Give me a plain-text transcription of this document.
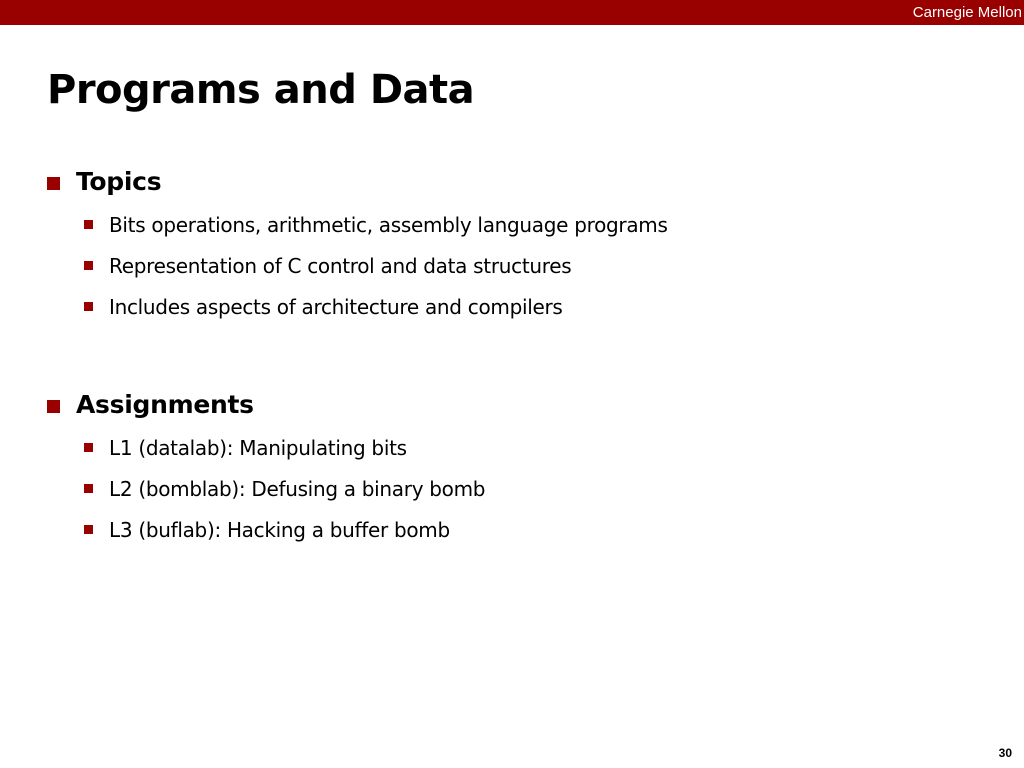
Carnegie Mellon
Programs and Data
Topics
Bits operations, arithmetic, assembly language programs
Representation of C control and data structures
Includes aspects of architecture and compilers
Assignments
L1 (datalab): Manipulating bits
L2 (bomblab): Defusing a binary bomb
L3 (buflab): Hacking a buffer bomb
30
